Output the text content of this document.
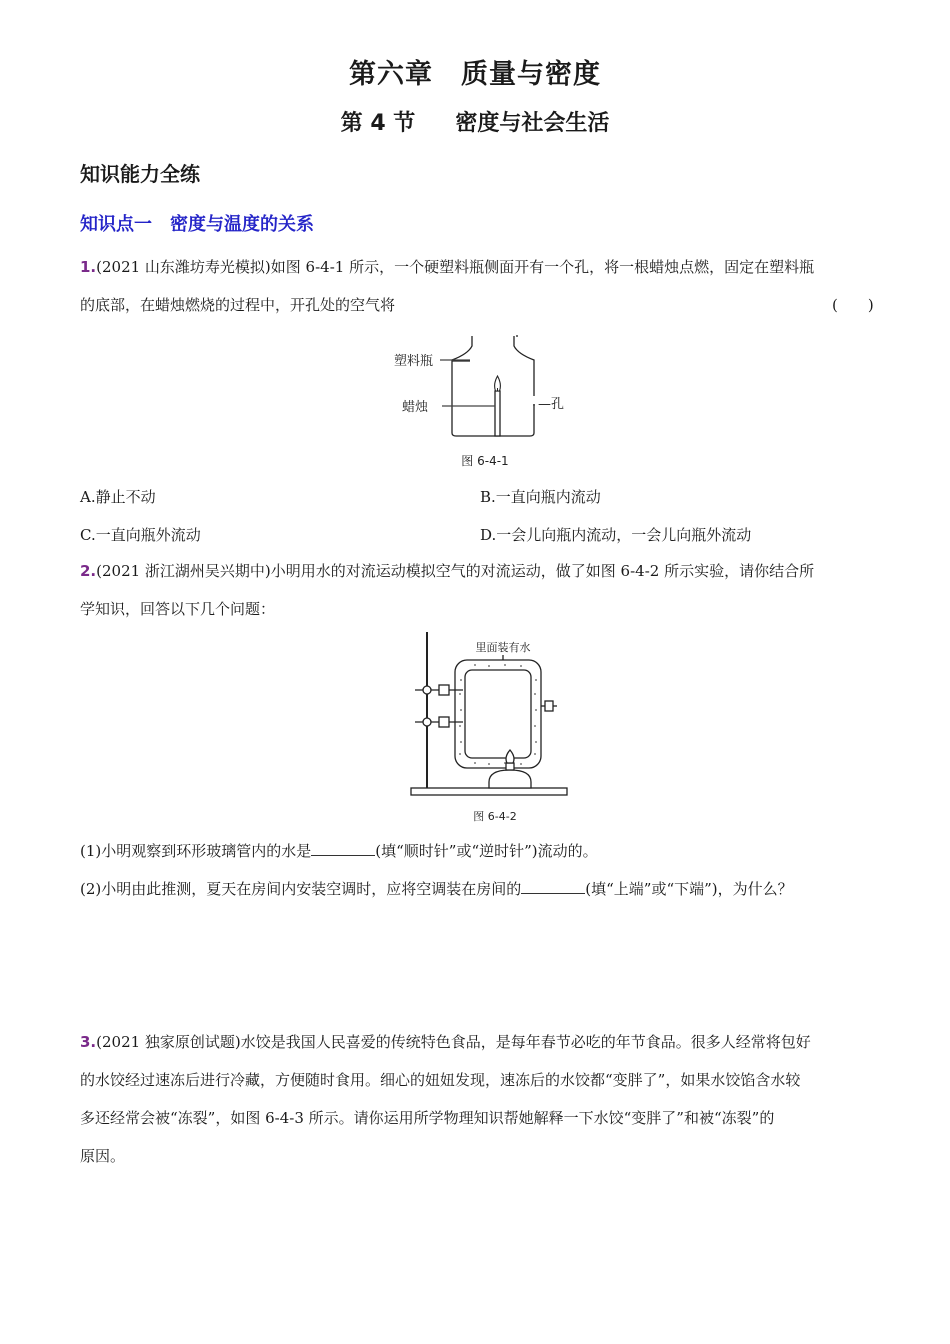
第六章　质量与密度
第 4 节 密度与社会生活
知识能力全练
知识点一 密度与温度的关系
1.(2021 山东潍坊寿光模拟)如图 6-4-1 所示，一个硬塑料瓶侧面开有一个孔，将一根蜡烛点燃，固定在塑料瓶
的底部，在蜡烛燃烧的过程中，开孔处的空气将	(　　)
塑料瓶
蜡烛	—孔
图 6-4-1
A.静止不动	B.一直向瓶内流动
C.一直向瓶外流动	D.一会儿向瓶内流动，一会儿向瓶外流动
2.(2021 浙江湖州吴兴期中)小明用水的对流运动模拟空气的对流运动，做了如图 6-4-2 所示实验，请你结合所
学知识，回答以下几个问题：
里面装有水
图 6-4-2
(1)小明观察到环形玻璃管内的水是	(填“顺时针”或“逆时针”)流动的。
(2)小明由此推测，夏天在房间内安装空调时，应将空调装在房间的	(填“上端”或“下端”)，为什么？
3.(2021 独家原创试题)水饺是我国人民喜爱的传统特色食品，是每年春节必吃的年节食品。很多人经常将包好
的水饺经过速冻后进行冷藏，方便随时食用。细心的妞妞发现，速冻后的水饺都“变胖了”，如果水饺馅含水较
多还经常会被“冻裂”，如图 6-4-3 所示。请你运用所学物理知识帮她解释一下水饺“变胖了”和被“冻裂”的
原因。
